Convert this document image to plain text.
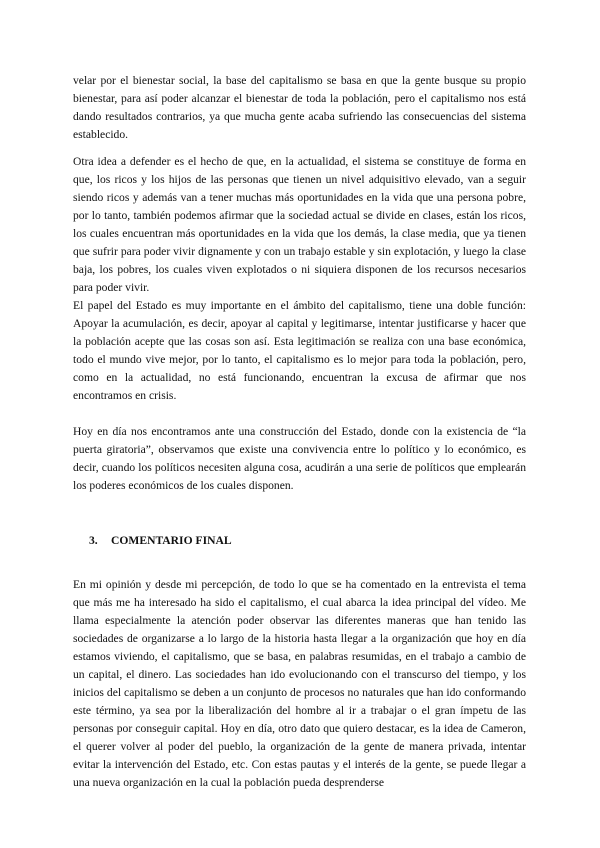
velar por el bienestar social, la base del capitalismo se basa en que la gente busque su propio bienestar, para así poder alcanzar el bienestar de toda la población, pero el capitalismo nos está dando resultados contrarios, ya que mucha gente acaba sufriendo las consecuencias del sistema establecido.

Otra idea a defender es el hecho de que, en la actualidad, el sistema se constituye de forma en que, los ricos y los hijos de las personas que tienen un nivel adquisitivo elevado, van a seguir siendo ricos y además van a tener muchas más oportunidades en la vida que una persona pobre, por lo tanto, también podemos afirmar que la sociedad actual se divide en clases, están los ricos, los cuales encuentran más oportunidades en la vida que los demás, la clase media, que ya tienen que sufrir para poder vivir dignamente y con un trabajo estable y sin explotación, y luego la clase baja, los pobres, los cuales viven explotados o ni siquiera disponen de los recursos necesarios para poder vivir.

El papel del Estado es muy importante en el ámbito del capitalismo, tiene una doble función: Apoyar la acumulación, es decir, apoyar al capital y legitimarse, intentar justificarse y hacer que la población acepte que las cosas son así. Esta legitimación se realiza con una base económica, todo el mundo vive mejor, por lo tanto, el capitalismo es lo mejor para toda la población, pero, como en la actualidad, no está funcionando, encuentran la excusa de afirmar que nos encontramos en crisis.

Hoy en día nos encontramos ante una construcción del Estado, donde con la existencia de “la puerta giratoria”, observamos que existe una convivencia entre lo político y lo económico, es decir, cuando los políticos necesiten alguna cosa, acudirán a una serie de políticos que emplearán los poderes económicos de los cuales disponen.

3. COMENTARIO FINAL

En mi opinión y desde mi percepción, de todo lo que se ha comentado en la entrevista el tema que más me ha interesado ha sido el capitalismo, el cual abarca la idea principal del vídeo. Me llama especialmente la atención poder observar las diferentes maneras que han tenido las sociedades de organizarse a lo largo de la historia hasta llegar a la organización que hoy en día estamos viviendo, el capitalismo, que se basa, en palabras resumidas, en el trabajo a cambio de un capital, el dinero. Las sociedades han ido evolucionando con el transcurso del tiempo, y los inicios del capitalismo se deben a un conjunto de procesos no naturales que han ido conformando este término, ya sea por la liberalización del hombre al ir a trabajar o el gran ímpetu de las personas por conseguir capital. Hoy en día, otro dato que quiero destacar, es la idea de Cameron, el querer volver al poder del pueblo, la organización de la gente de manera privada, intentar evitar la intervención del Estado, etc. Con estas pautas y el interés de la gente, se puede llegar a una nueva organización en la cual la población pueda desprenderse
